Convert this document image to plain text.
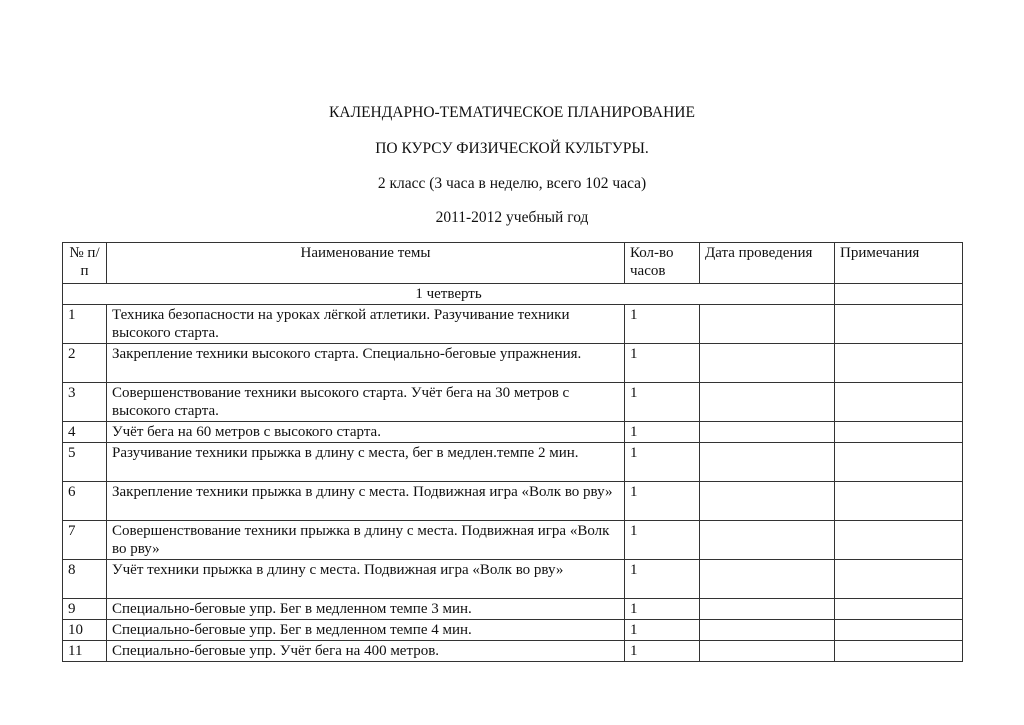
КАЛЕНДАРНО-ТЕМАТИЧЕСКОЕ ПЛАНИРОВАНИЕ
ПО КУРСУ ФИЗИЧЕСКОЙ КУЛЬТУРЫ.
2 класс (3 часа в неделю, всего 102 часа)
2011-2012 учебный год
№ п/п	Наименование темы	Кол-во часов	Дата проведения	Примечания
1 четверть				
1	Техника безопасности на уроках лёгкой атлетики. Разучивание техники высокого старта.	1		
2	Закрепление техники высокого старта. Специально-беговые упражнения.	1		
3	Совершенствование техники высокого старта. Учёт бега на 30 метров с высокого старта.	1		
4	Учёт бега на 60 метров с высокого старта.	1		
5	Разучивание техники прыжка в длину с места, бег в медлен.темпе 2 мин.	1		
6	Закрепление техники прыжка в длину с места. Подвижная игра «Волк во рву»	1		
7	Совершенствование техники прыжка в длину с места. Подвижная игра «Волк во рву»	1		
8	Учёт техники прыжка в длину с места. Подвижная игра «Волк во рву»	1		
9	Специально-беговые упр. Бег в медленном темпе 3 мин.	1		
10	Специально-беговые упр. Бег в медленном темпе 4 мин.	1		
11	Специально-беговые упр. Учёт бега на 400 метров.	1		
